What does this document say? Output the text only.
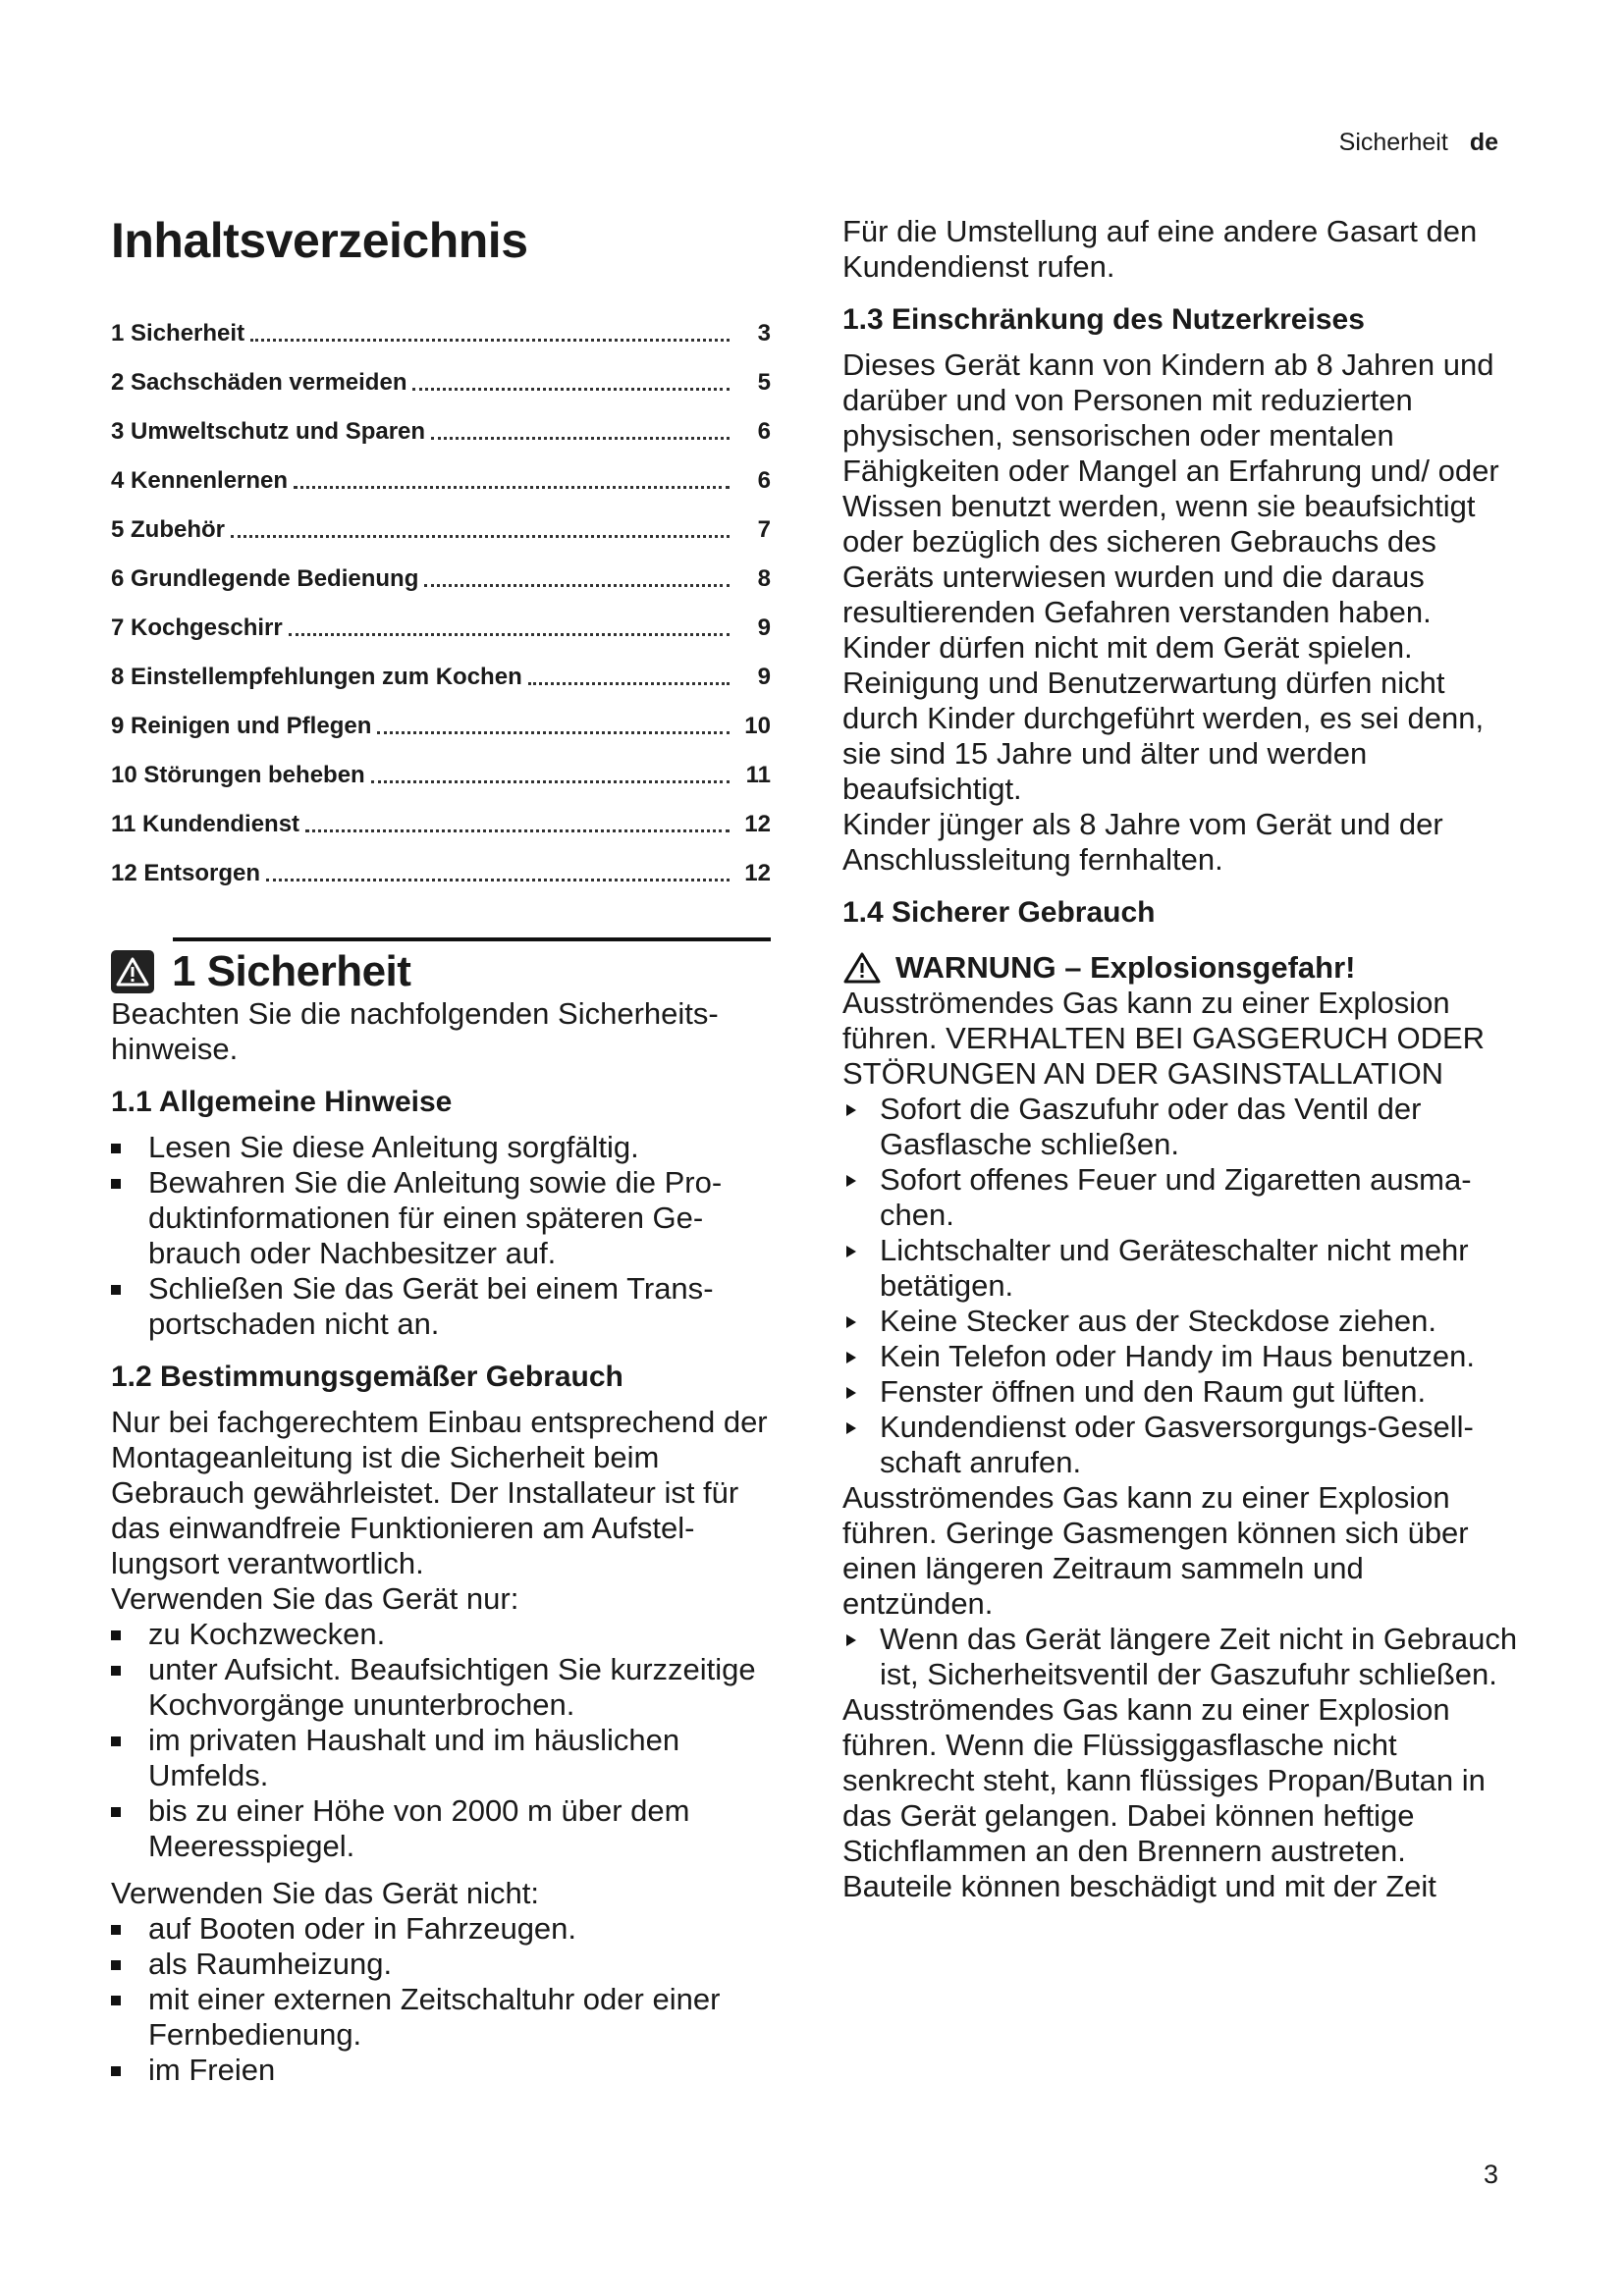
Sicherheit de
Inhaltsverzeichnis
1 Sicherheit	3
2 Sachschäden vermeiden	5
3 Umweltschutz und Sparen	6
4 Kennenlernen	6
5 Zubehör	7
6 Grundlegende Bedienung	8
7 Kochgeschirr	9
8 Einstellempfehlungen zum Kochen	9
9 Reinigen und Pflegen	10
10 Störungen beheben	11
11 Kundendienst	12
12 Entsorgen	12
1 Sicherheit

Beachten Sie die nachfolgenden Sicherheitshinweise.

1.1 Allgemeine Hinweise
Lesen Sie diese Anleitung sorgfältig.
Bewahren Sie die Anleitung sowie die Produktinformationen für einen späteren Gebrauch oder Nachbesitzer auf.
Schließen Sie das Gerät bei einem Transportschaden nicht an.
1.2 Bestimmungsgemäßer Gebrauch

Nur bei fachgerechtem Einbau entsprechend der Montageanleitung ist die Sicherheit beim Gebrauch gewährleistet. Der Installateur ist für das einwandfreie Funktionieren am Aufstellungsort verantwortlich.

Verwenden Sie das Gerät nur:

zu Kochzwecken.
unter Aufsicht. Beaufsichtigen Sie kurzzeitige Kochvorgänge ununterbrochen.
im privaten Haushalt und im häuslichen Umfelds.
bis zu einer Höhe von 2000 m über dem Meeresspiegel.

Verwenden Sie das Gerät nicht:

auf Booten oder in Fahrzeugen.
als Raumheizung.
mit einer externen Zeitschaltuhr oder einer Fernbedienung.
im Freien

Für die Umstellung auf eine andere Gasart den Kundendienst rufen.

1.3 Einschränkung des Nutzerkreises

Dieses Gerät kann von Kindern ab 8 Jahren und darüber und von Personen mit reduzierten physischen, sensorischen oder mentalen Fähigkeiten oder Mangel an Erfahrung und/ oder Wissen benutzt werden, wenn sie beaufsichtigt oder bezüglich des sicheren Gebrauchs des Geräts unterwiesen wurden und die daraus resultierenden Gefahren verstanden haben.

Kinder dürfen nicht mit dem Gerät spielen. Reinigung und Benutzerwartung dürfen nicht durch Kinder durchgeführt werden, es sei denn, sie sind 15 Jahre und älter und werden beaufsichtigt.

Kinder jünger als 8 Jahre vom Gerät und der Anschlussleitung fernhalten.

1.4 Sicherer Gebrauch
WARNUNG – Explosionsgefahr!

Ausströmendes Gas kann zu einer Explosion führen. VERHALTEN BEI GASGERUCH ODER STÖRUNGEN AN DER GASINSTALLATION

Sofort die Gaszufuhr oder das Ventil der Gasflasche schließen.
Sofort offenes Feuer und Zigaretten ausmachen.
Lichtschalter und Geräteschalter nicht mehr betätigen.
Keine Stecker aus der Steckdose ziehen.
Kein Telefon oder Handy im Haus benutzen.
Fenster öffnen und den Raum gut lüften.
Kundendienst oder Gasversorgungs-Gesellschaft anrufen.

Ausströmendes Gas kann zu einer Explosion führen. Geringe Gasmengen können sich über einen längeren Zeitraum sammeln und entzünden.

Wenn das Gerät längere Zeit nicht in Gebrauch ist, Sicherheitsventil der Gaszufuhr schließen.

Ausströmendes Gas kann zu einer Explosion führen. Wenn die Flüssiggasflasche nicht senkrecht steht, kann flüssiges Propan/Butan in das Gerät gelangen. Dabei können heftige Stichflammen an den Brennern austreten. Bauteile können beschädigt und mit der Zeit

3
